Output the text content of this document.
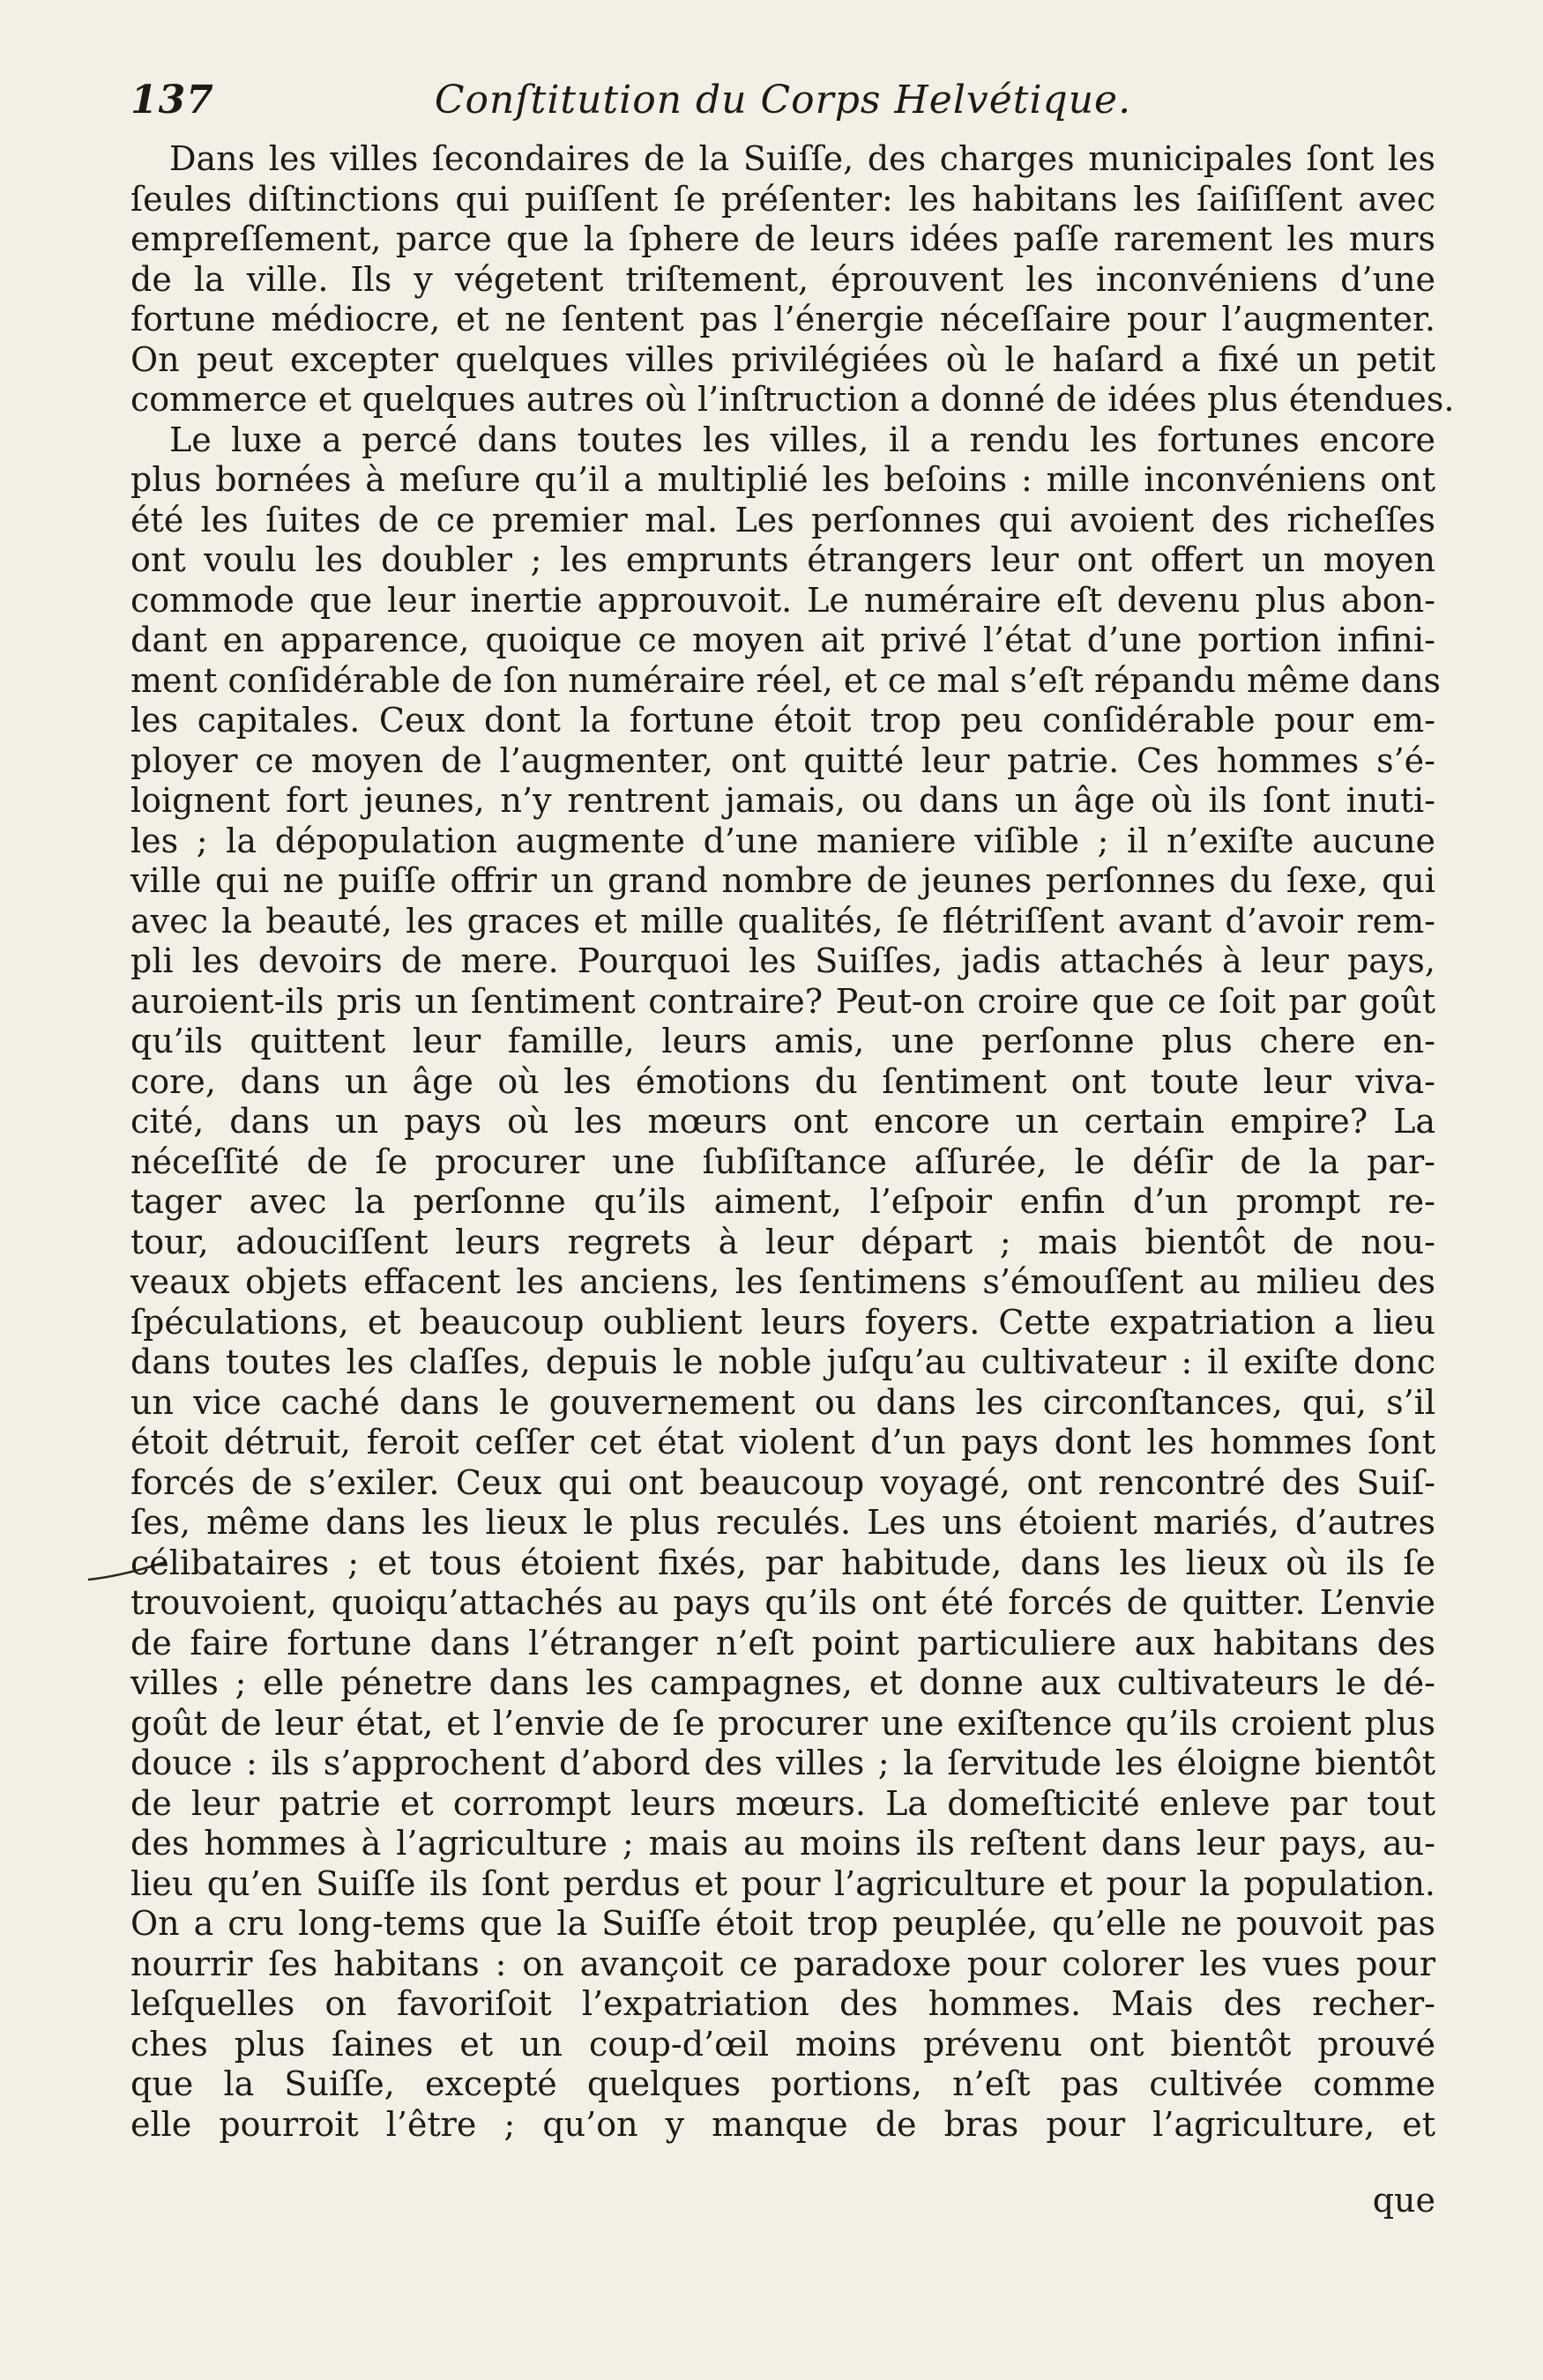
137	Conſtitution du Corps Helvétique.
Dans les villes ſecondaires de la Suiſſe, des charges municipales ſont les
ſeules diſtinctions qui puiſſent ſe préſenter: les habitans les ſaiſiſſent avec
empreſſement, parce que la ſphere de leurs idées paſſe rarement les murs
de la ville. Ils y végetent triſtement, éprouvent les inconvéniens d’une
fortune médiocre, et ne ſentent pas l’énergie néceſſaire pour l’augmenter.
On peut excepter quelques villes privilégiées où le haſard a fixé un petit
commerce et quelques autres où l’inſtruction a donné de idées plus étendues.
Le luxe a percé dans toutes les villes, il a rendu les fortunes encore
plus bornées à meſure qu’il a multiplié les beſoins : mille inconvéniens ont
été les ſuites de ce premier mal. Les perſonnes qui avoient des richeſſes
ont voulu les doubler ; les emprunts étrangers leur ont offert un moyen
commode que leur inertie approuvoit. Le numéraire eſt devenu plus abon-
dant en apparence, quoique ce moyen ait privé l’état d’une portion infini-
ment conſidérable de ſon numéraire réel, et ce mal s’eſt répandu même dans
les capitales. Ceux dont la fortune étoit trop peu conſidérable pour em-
ployer ce moyen de l’augmenter, ont quitté leur patrie. Ces hommes s’é-
loignent fort jeunes, n’y rentrent jamais, ou dans un âge où ils ſont inuti-
les ; la dépopulation augmente d’une maniere viſible ; il n’exiſte aucune
ville qui ne puiſſe offrir un grand nombre de jeunes perſonnes du ſexe, qui
avec la beauté, les graces et mille qualités, ſe flétriſſent avant d’avoir rem-
pli les devoirs de mere. Pourquoi les Suiſſes, jadis attachés à leur pays,
auroient-ils pris un ſentiment contraire? Peut-on croire que ce ſoit par goût
qu’ils quittent leur famille, leurs amis, une perſonne plus chere en-
core, dans un âge où les émotions du ſentiment ont toute leur viva-
cité, dans un pays où les mœurs ont encore un certain empire? La
néceſſité de ſe procurer une ſubſiſtance aſſurée, le déſir de la par-
tager avec la perſonne qu’ils aiment, l’eſpoir enfin d’un prompt re-
tour, adouciſſent leurs regrets à leur départ ; mais bientôt de nou-
veaux objets effacent les anciens, les ſentimens s’émouſſent au milieu des
ſpéculations, et beaucoup oublient leurs foyers. Cette expatriation a lieu
dans toutes les claſſes, depuis le noble juſqu’au cultivateur : il exiſte donc
un vice caché dans le gouvernement ou dans les circonſtances, qui, s’il
étoit détruit, feroit ceſſer cet état violent d’un pays dont les hommes ſont
forcés de s’exiler. Ceux qui ont beaucoup voyagé, ont rencontré des Suiſ-
ſes, même dans les lieux le plus reculés. Les uns étoient mariés, d’autres
célibataires ; et tous étoient fixés, par habitude, dans les lieux où ils ſe
trouvoient, quoiqu’attachés au pays qu’ils ont été forcés de quitter. L’envie
de faire fortune dans l’étranger n’eſt point particuliere aux habitans des
villes ; elle pénetre dans les campagnes, et donne aux cultivateurs le dé-
goût de leur état, et l’envie de ſe procurer une exiſtence qu’ils croient plus
douce : ils s’approchent d’abord des villes ; la ſervitude les éloigne bientôt
de leur patrie et corrompt leurs mœurs. La domeſticité enleve par tout
des hommes à l’agriculture ; mais au moins ils reſtent dans leur pays, au-
lieu qu’en Suiſſe ils ſont perdus et pour l’agriculture et pour la population.
On a cru long-tems que la Suiſſe étoit trop peuplée, qu’elle ne pouvoit pas
nourrir ſes habitans : on avançoit ce paradoxe pour colorer les vues pour
leſquelles on favoriſoit l’expatriation des hommes. Mais des recher-
ches plus ſaines et un coup-d’œil moins prévenu ont bientôt prouvé
que la Suiſſe, excepté quelques portions, n’eſt pas cultivée comme
elle pourroit l’être ; qu’on y manque de bras pour l’agriculture, et
que
